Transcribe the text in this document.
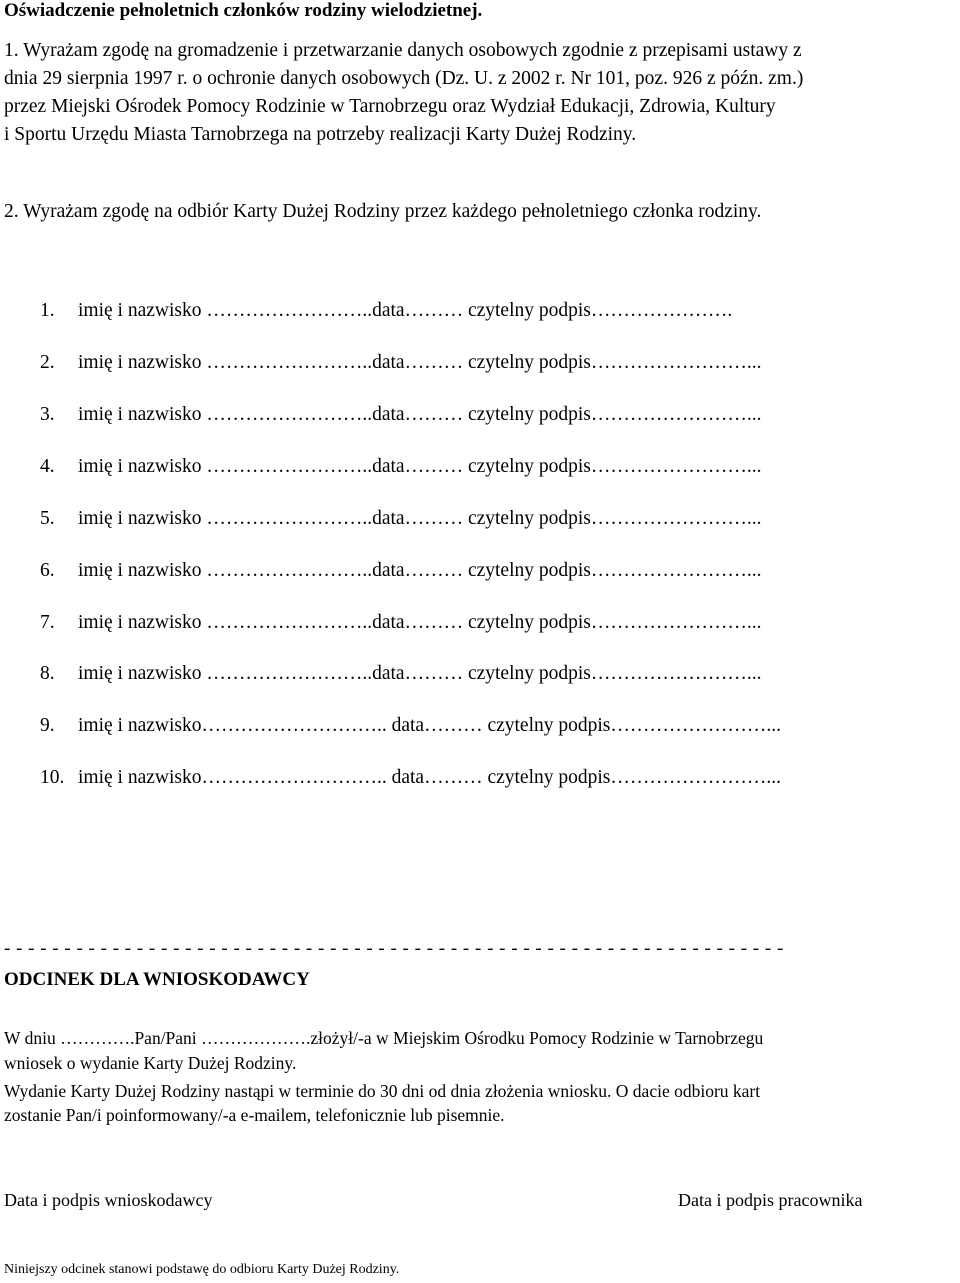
Oświadczenie pełnoletnich członków rodziny wielodzietnej.
1. Wyrażam zgodę na gromadzenie i przetwarzanie danych osobowych zgodnie z przepisami ustawy z
dnia 29 sierpnia 1997 r. o ochronie danych osobowych (Dz. U. z 2002 r. Nr 101, poz. 926 z późn. zm.)
przez Miejski Ośrodek Pomocy Rodzinie w Tarnobrzegu oraz Wydział Edukacji, Zdrowia, Kultury
i Sportu Urzędu Miasta Tarnobrzega na potrzeby realizacji Karty Dużej Rodziny.
2. Wyrażam zgodę na odbiór Karty Dużej Rodziny przez każdego pełnoletniego członka rodziny.
1. imię i nazwisko ……………………..data……… czytelny podpis………………….
2. imię i nazwisko ……………………..data……… czytelny podpis……………………...
3. imię i nazwisko ……………………..data……… czytelny podpis……………………...
4. imię i nazwisko ……………………..data……… czytelny podpis……………………...
5. imię i nazwisko ……………………..data……… czytelny podpis……………………...
6. imię i nazwisko ……………………..data……… czytelny podpis……………………...
7. imię i nazwisko ……………………..data……… czytelny podpis……………………...
8. imię i nazwisko ……………………..data……… czytelny podpis……………………...
9. imię i nazwisko……………………….. data……… czytelny podpis……………………...
10. imię i nazwisko……………………….. data……… czytelny podpis……………………...
- - - - - - - - - - - - - - - - - - - - - - - - - - - - - - - - - - - - - - - - - - - - - - - - - - - - - - - - - - - - - - - - -
ODCINEK DLA WNIOSKODAWCY
W dniu ………….Pan/Pani ……………….złożył/-a w Miejskim Ośrodku Pomocy Rodzinie w Tarnobrzegu
wniosek o wydanie Karty Dużej Rodziny.
Wydanie Karty Dużej Rodziny nastąpi w terminie do 30 dni od dnia złożenia wniosku. O dacie odbioru kart
zostanie Pan/i poinformowany/-a e-mailem, telefonicznie lub pisemnie.
Data i podpis wnioskodawcy	Data i podpis pracownika
Niniejszy odcinek stanowi podstawę do odbioru Karty Dużej Rodziny.
